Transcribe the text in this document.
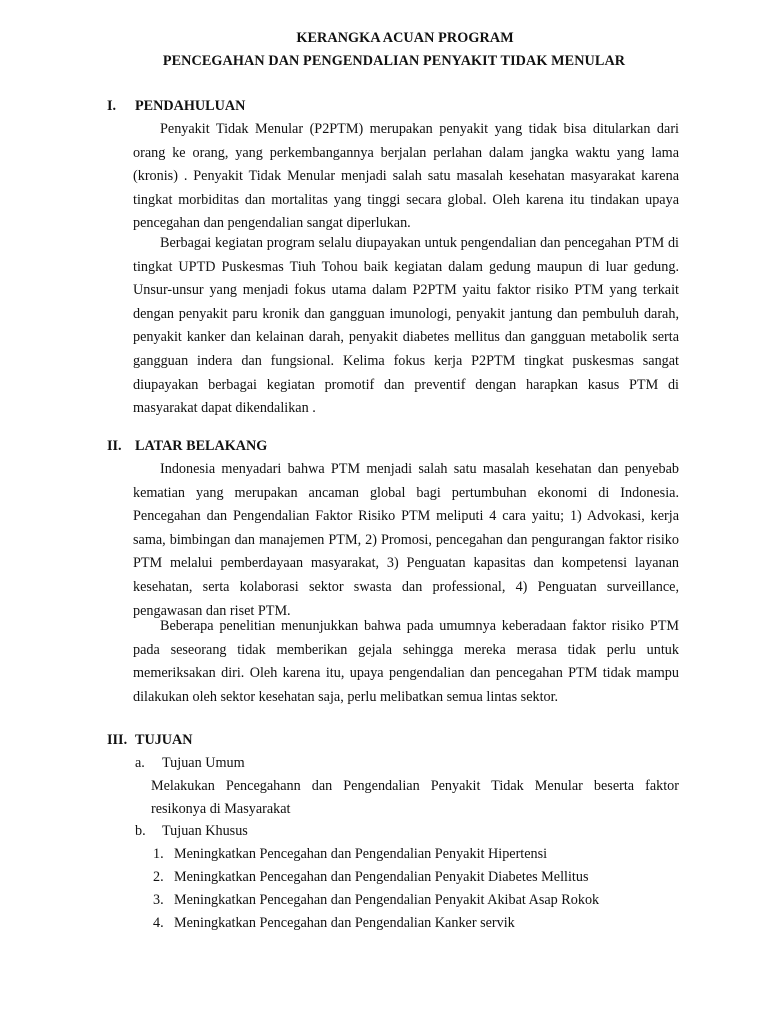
KERANGKA ACUAN PROGRAM
PENCEGAHAN DAN PENGENDALIAN PENYAKIT TIDAK MENULAR
I. PENDAHULUAN

Penyakit Tidak Menular (P2PTM) merupakan penyakit yang tidak bisa ditularkan dari orang ke orang, yang perkembangannya berjalan perlahan dalam jangka waktu yang lama (kronis) . Penyakit Tidak Menular menjadi salah satu masalah kesehatan masyarakat karena tingkat morbiditas dan mortalitas yang tinggi secara global. Oleh karena itu tindakan upaya pencegahan dan pengendalian sangat diperlukan.

Berbagai kegiatan program selalu diupayakan untuk pengendalian dan pencegahan PTM di tingkat UPTD Puskesmas Tiuh Tohou baik kegiatan dalam gedung maupun di luar gedung. Unsur-unsur yang menjadi fokus utama dalam P2PTM yaitu faktor risiko PTM yang terkait dengan penyakit paru kronik dan gangguan imunologi, penyakit jantung dan pembuluh darah, penyakit kanker dan kelainan darah, penyakit diabetes mellitus dan gangguan metabolik serta gangguan indera dan fungsional. Kelima fokus kerja P2PTM tingkat puskesmas sangat diupayakan berbagai kegiatan promotif dan preventif dengan harapkan kasus PTM di masyarakat dapat dikendalikan .

II. LATAR BELAKANG

Indonesia menyadari bahwa PTM menjadi salah satu masalah kesehatan dan penyebab kematian yang merupakan ancaman global bagi pertumbuhan ekonomi di Indonesia. Pencegahan dan Pengendalian Faktor Risiko PTM meliputi 4 cara yaitu; 1) Advokasi, kerja sama, bimbingan dan manajemen PTM, 2) Promosi, pencegahan dan pengurangan faktor risiko PTM melalui pemberdayaan masyarakat, 3) Penguatan kapasitas dan kompetensi layanan kesehatan, serta kolaborasi sektor swasta dan professional, 4) Penguatan surveillance, pengawasan dan riset PTM.

Beberapa penelitian menunjukkan bahwa pada umumnya keberadaan faktor risiko PTM pada seseorang tidak memberikan gejala sehingga mereka merasa tidak perlu untuk memeriksakan diri. Oleh karena itu, upaya pengendalian dan pencegahan PTM tidak mampu dilakukan oleh sektor kesehatan saja, perlu melibatkan semua lintas sektor.

III. TUJUAN
a. Tujuan Umum
Melakukan Pencegahann dan Pengendalian Penyakit Tidak Menular beserta faktor
resikonya di Masyarakat
b. Tujuan Khusus
1. Meningkatkan Pencegahan dan Pengendalian Penyakit Hipertensi
2. Meningkatkan Pencegahan dan Pengendalian Penyakit Diabetes Mellitus
3. Meningkatkan Pencegahan dan Pengendalian Penyakit Akibat Asap Rokok
4. Meningkatkan Pencegahan dan Pengendalian Kanker servik
